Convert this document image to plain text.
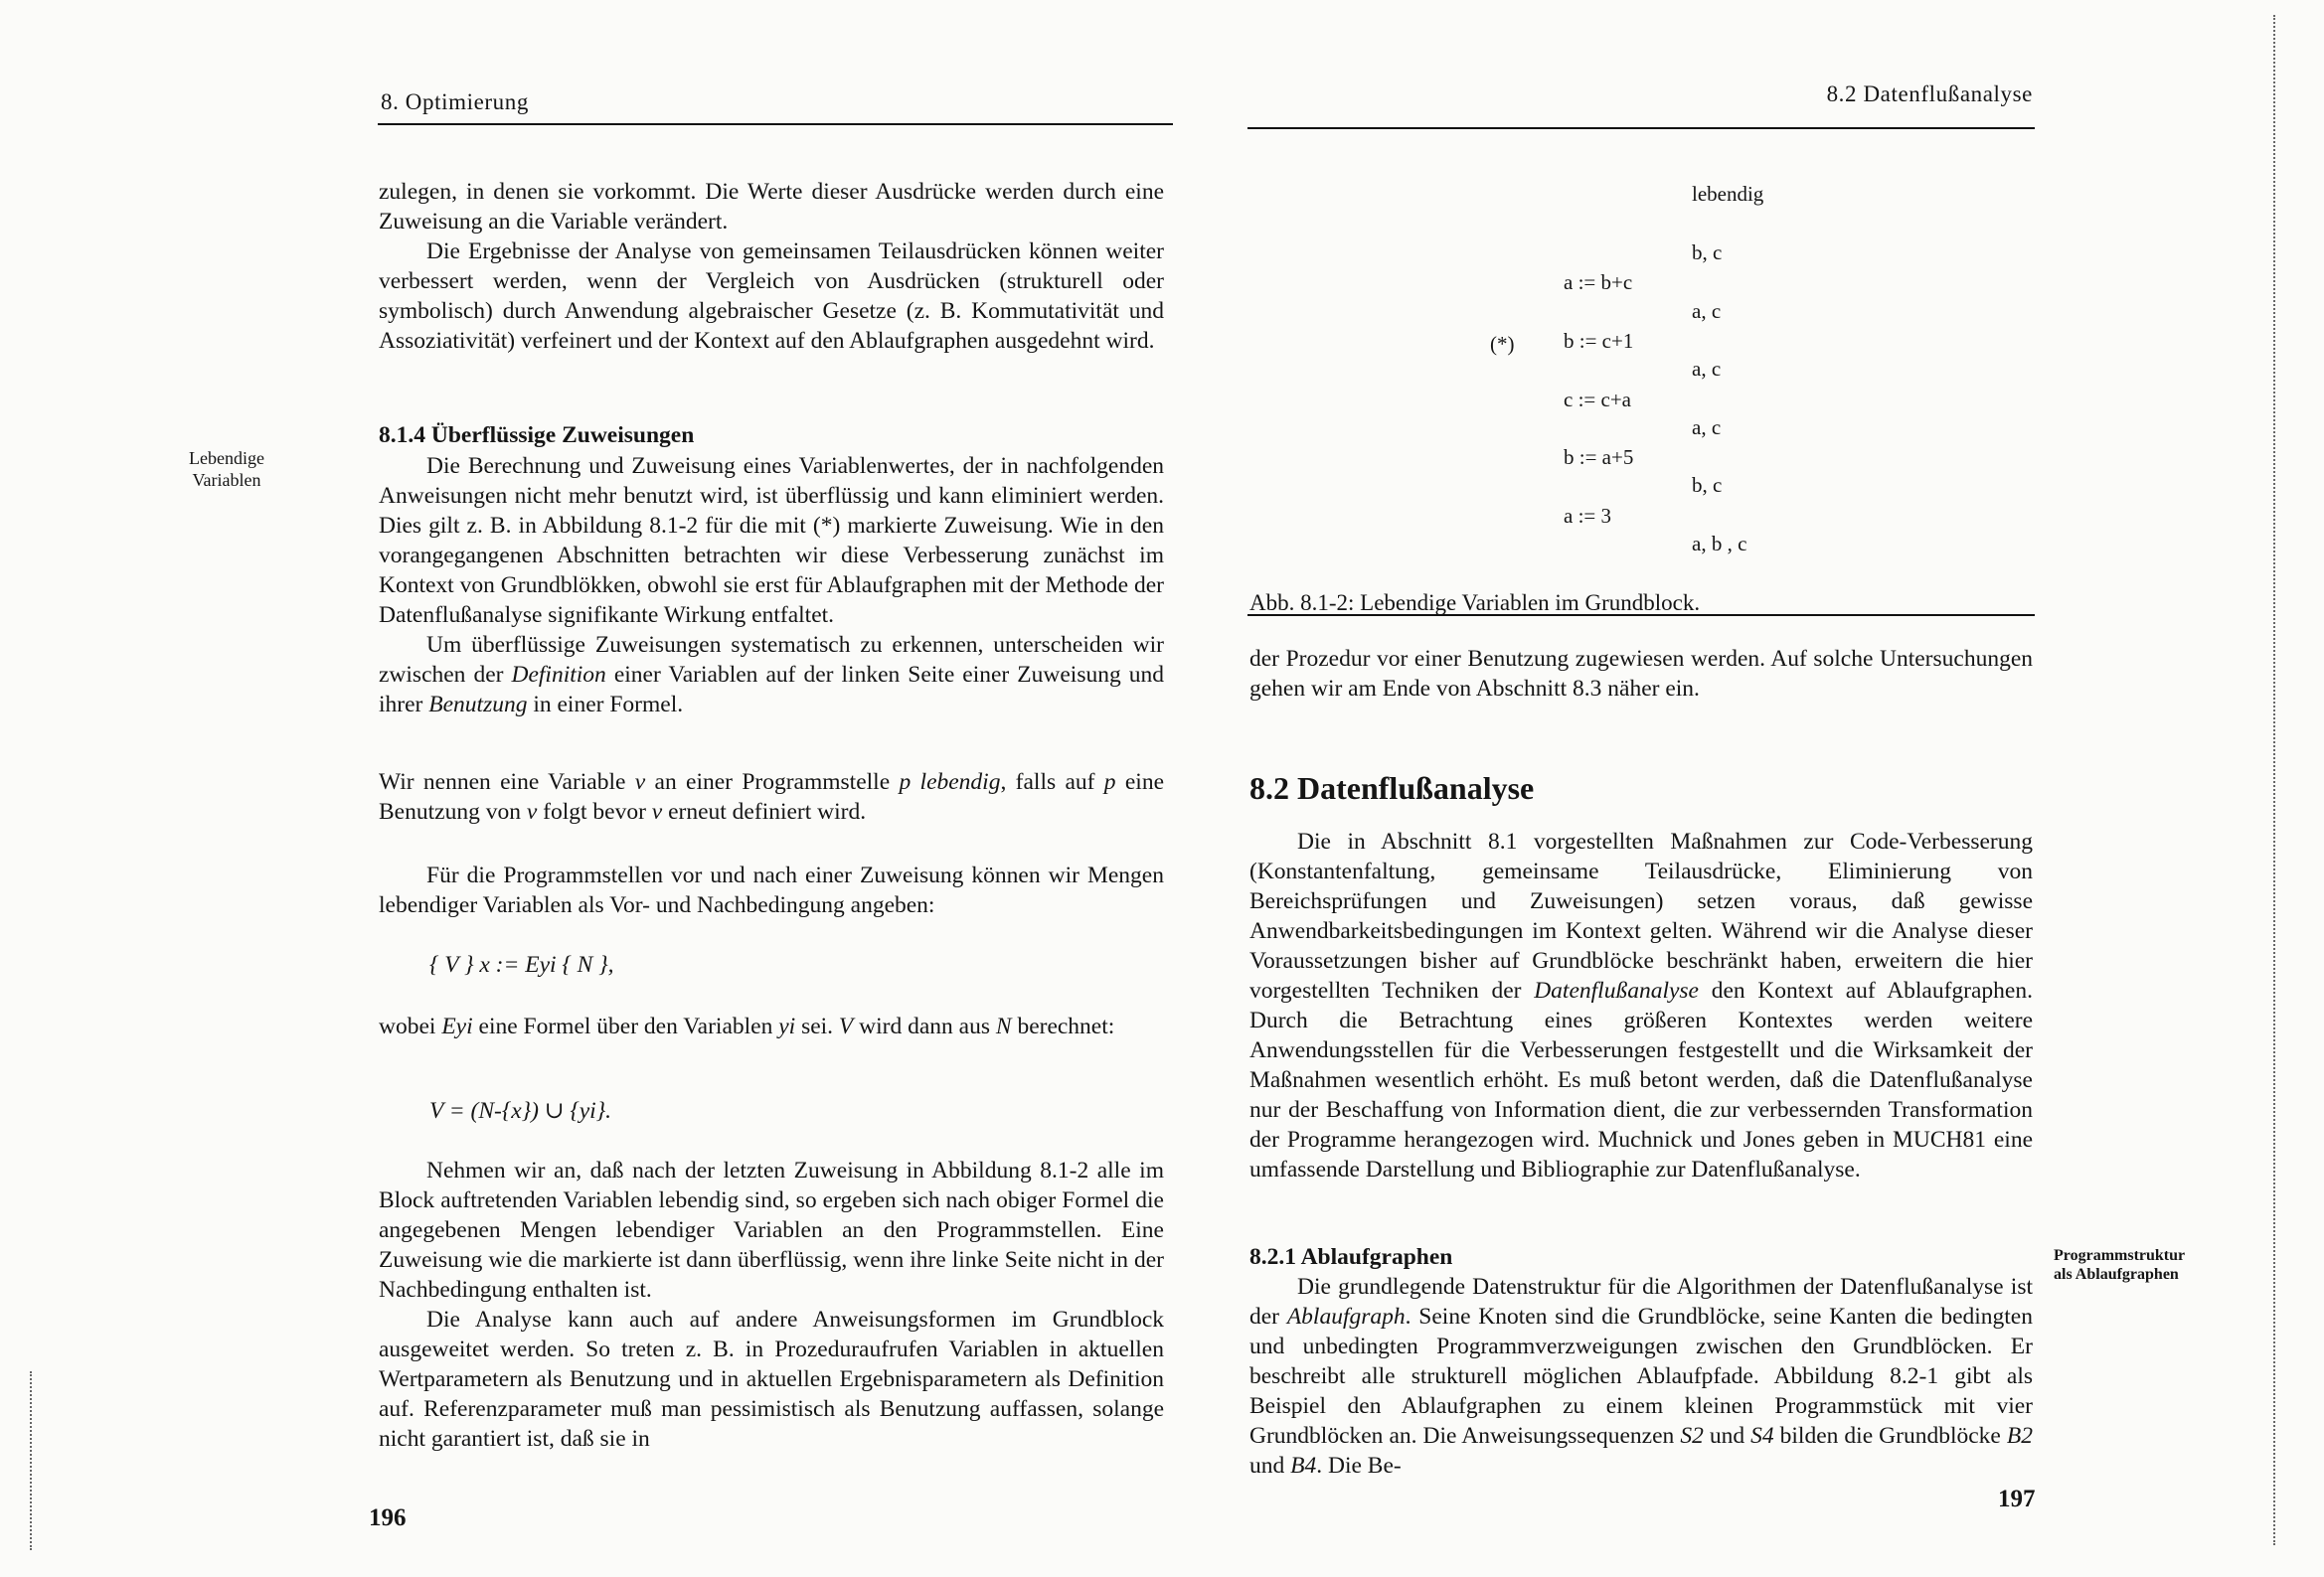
8. Optimierung

zulegen, in denen sie vorkommt. Die Werte dieser Ausdrücke werden durch eine Zuweisung an die Variable verändert.

Die Ergebnisse der Analyse von gemeinsamen Teilausdrücken können weiter verbessert werden, wenn der Vergleich von Ausdrücken (strukturell oder symbolisch) durch Anwendung algebraischer Gesetze (z. B. Kommutativität und Assoziativität) verfeinert und der Kontext auf den Ablaufgraphen ausgedehnt wird.

8.1.4 Überflüssige Zuweisungen
Lebendige
Variablen

Die Berechnung und Zuweisung eines Variablenwertes, der in nachfolgenden Anweisungen nicht mehr benutzt wird, ist überflüssig und kann eliminiert werden. Dies gilt z. B. in Abbildung 8.1-2 für die mit (*) markierte Zuweisung. Wie in den vorangegangenen Abschnitten betrachten wir diese Verbesserung zunächst im Kontext von Grundblökken, obwohl sie erst für Ablaufgraphen mit der Methode der Datenflußanalyse signifikante Wirkung entfaltet.

Um überflüssige Zuweisungen systematisch zu erkennen, unterscheiden wir zwischen der Definition einer Variablen auf der linken Seite einer Zuweisung und ihrer Benutzung in einer Formel.

Wir nennen eine Variable v an einer Programmstelle p lebendig, falls auf p eine Benutzung von v folgt bevor v erneut definiert wird.

Für die Programmstellen vor und nach einer Zuweisung können wir Mengen lebendiger Variablen als Vor- und Nachbedingung angeben:

{ V } x := Eyi { N },

wobei Eyi eine Formel über den Variablen yi sei. V wird dann aus N berechnet:

V = (N-{x}) ∪ {yi}.

Nehmen wir an, daß nach der letzten Zuweisung in Abbildung 8.1-2 alle im Block auftretenden Variablen lebendig sind, so ergeben sich nach obiger Formel die angegebenen Mengen lebendiger Variablen an den Programmstellen. Eine Zuweisung wie die markierte ist dann überflüssig, wenn ihre linke Seite nicht in der Nachbedingung enthalten ist.

Die Analyse kann auch auf andere Anweisungsformen im Grundblock ausgeweitet werden. So treten z. B. in Prozeduraufrufen Variablen in aktuellen Wertparametern als Benutzung und in aktuellen Ergebnisparametern als Definition auf. Referenzparameter muß man pessimistisch als Benutzung auffassen, solange nicht garantiert ist, daß sie in

196
8.2 Datenflußanalyse
lebendig
(*)
a := b+c
b := c+1
c := c+a
b := a+5
a := 3
b, c
a, c
a, c
a, c
b, c
a, b , c
Abb. 8.1-2: Lebendige Variablen im Grundblock.

der Prozedur vor einer Benutzung zugewiesen werden. Auf solche Untersuchungen gehen wir am Ende von Abschnitt 8.3 näher ein.

8.2 Datenflußanalyse

Die in Abschnitt 8.1 vorgestellten Maßnahmen zur Code-Verbesserung (Konstantenfaltung, gemeinsame Teilausdrücke, Eliminierung von Bereichsprüfungen und Zuweisungen) setzen voraus, daß gewisse Anwendbarkeitsbedingungen im Kontext gelten. Während wir die Analyse dieser Voraussetzungen bisher auf Grundblöcke beschränkt haben, erweitern die hier vorgestellten Techniken der Datenflußanalyse den Kontext auf Ablaufgraphen. Durch die Betrachtung eines größeren Kontextes werden weitere Anwendungsstellen für die Verbesserungen festgestellt und die Wirksamkeit der Maßnahmen wesentlich erhöht. Es muß betont werden, daß die Datenflußanalyse nur der Beschaffung von Information dient, die zur verbessernden Transformation der Programme herangezogen wird. Muchnick und Jones geben in MUCH81 eine umfassende Darstellung und Bibliographie zur Datenflußanalyse.

8.2.1 Ablaufgraphen	Programmstruktur
als Ablaufgraphen

Die grundlegende Datenstruktur für die Algorithmen der Datenflußanalyse ist der Ablaufgraph. Seine Knoten sind die Grundblöcke, seine Kanten die bedingten und unbedingten Programmverzweigungen zwischen den Grundblöcken. Er beschreibt alle strukturell möglichen Ablaufpfade. Abbildung 8.2-1 gibt als Beispiel den Ablaufgraphen zu einem kleinen Programmstück mit vier Grundblöcken an. Die Anweisungssequenzen S2 und S4 bilden die Grundblöcke B2 und B4. Die Be-

197
